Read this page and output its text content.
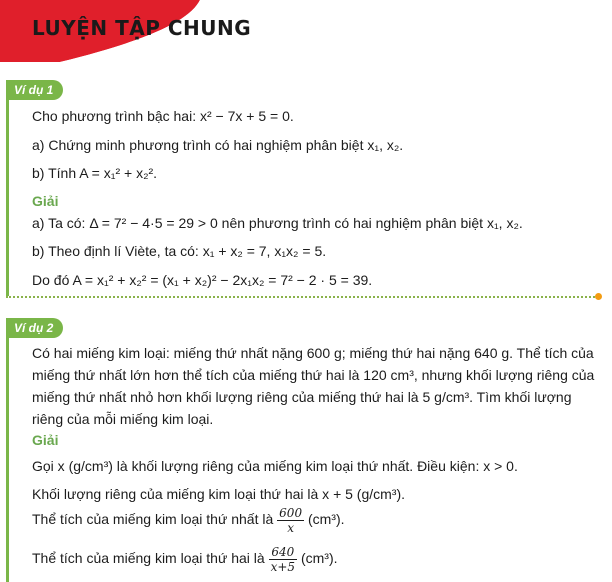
LUYỆN TẬP CHUNG
Ví dụ 1
Cho phương trình bậc hai: x² − 7x + 5 = 0.
a) Chứng minh phương trình có hai nghiệm phân biệt x₁, x₂.
b) Tính A = x₁² + x₂².
Giải
a) Ta có: Δ = 7² − 4·5 = 29 > 0 nên phương trình có hai nghiệm phân biệt x₁, x₂.
b) Theo định lí Viète, ta có: x₁ + x₂ = 7, x₁x₂ = 5.
Do đó A = x₁² + x₂² = (x₁ + x₂)² − 2x₁x₂ = 7² − 2 · 5 = 39.
Ví dụ 2
Có hai miếng kim loại: miếng thứ nhất nặng 600 g; miếng thứ hai nặng 640 g. Thể tích của miếng thứ nhất lớn hơn thể tích của miếng thứ hai là 120 cm³, nhưng khối lượng riêng của miếng thứ nhất nhỏ hơn khối lượng riêng của miếng thứ hai là 5 g/cm³. Tìm khối lượng riêng của mỗi miếng kim loại.
Giải
Gọi x (g/cm³) là khối lượng riêng của miếng kim loại thứ nhất. Điều kiện: x > 0.
Khối lượng riêng của miếng kim loại thứ hai là x + 5 (g/cm³).
Thể tích của miếng kim loại thứ nhất là $\frac{600}{x} (cm^3)$.
Thể tích của miếng kim loại thứ hai là $\frac{640}{x+5} (cm^3)$.
